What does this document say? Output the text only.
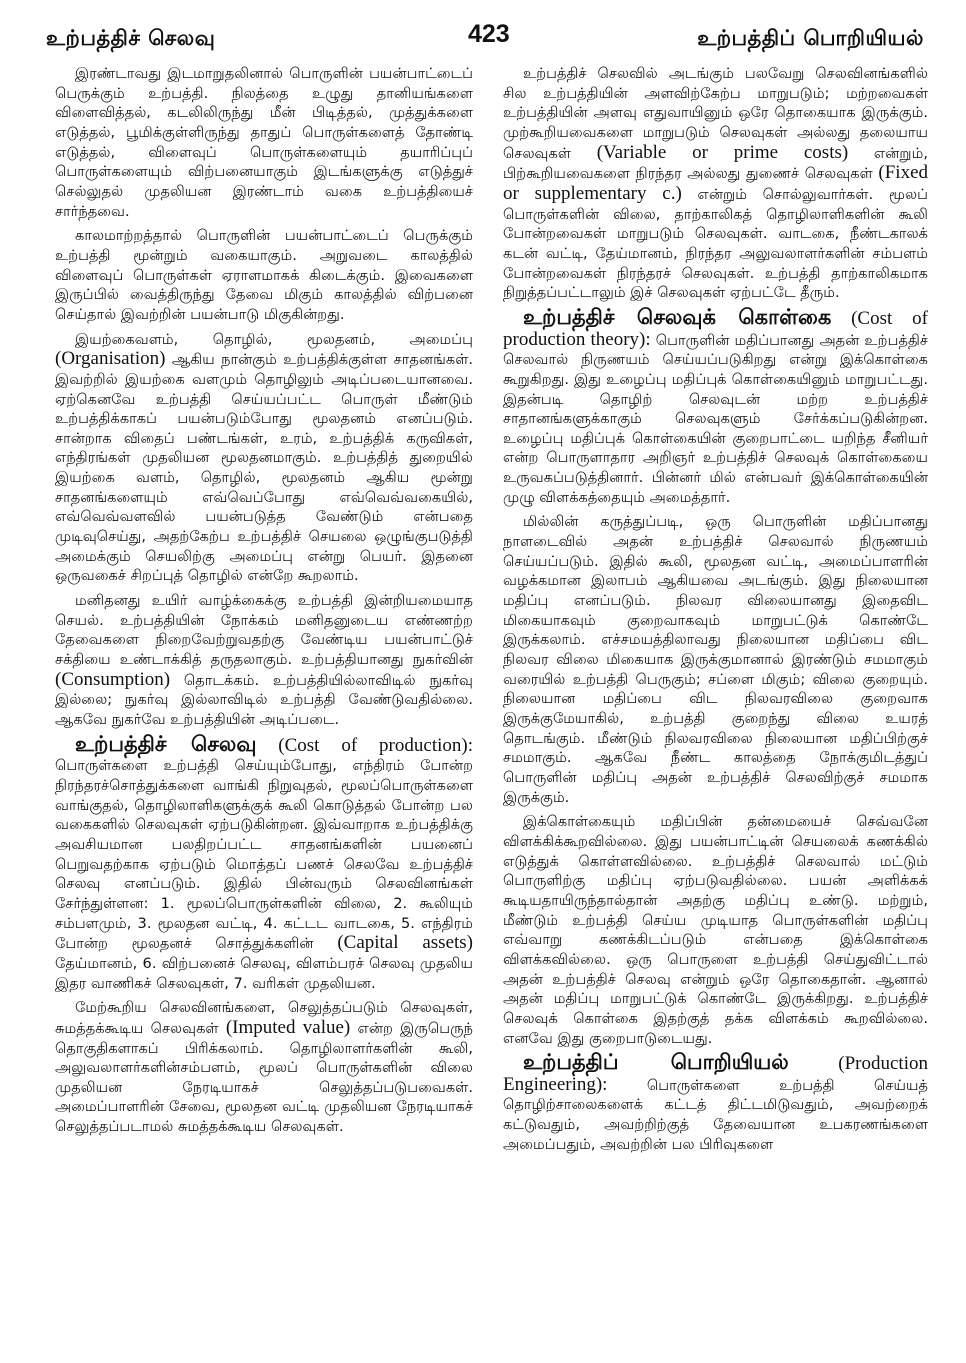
உற்பத்திச் செலவு	423	உற்பத்திப் பொறியியல்

இரண்டாவது இடமாறுதலினால் பொருளின் பயன்பாட்டைப் பெருக்கும் உற்பத்தி. நிலத்தை உழுது தானியங்களை விளைவித்தல், கடலிலிருந்து மீன் பிடித்தல், முத்துக்களை எடுத்தல், பூமிக்குள்ளிருந்து தாதுப் பொருள்களைத் தோண்டி எடுத்தல், விளைவுப் பொருள்களையும் தயாரிப்புப் பொருள்களையும் விற்பனையாகும் இடங்களுக்கு எடுத்துச் செல்லுதல் முதலியன இரண்டாம் வகை உற்பத்தியைச் சார்ந்தவை.

காலமாற்றத்தால் பொருளின் பயன்பாட்டைப் பெருக்கும் உற்பத்தி மூன்றும் வகையாகும். அறுவடை காலத்தில் விளைவுப் பொருள்கள் ஏராளமாகக் கிடைக்கும். இவைகளை இருப்பில் வைத்திருந்து தேவை மிகும் காலத்தில் விற்பனை செய்தால் இவற்றின் பயன்பாடு மிகுகின்றது.

இயற்கைவளம், தொழில், மூலதனம், அமைப்பு (Organisation) ஆகிய நான்கும் உற்பத்திக்குள்ள சாதனங்கள். இவற்றில் இயற்கை வளமும் தொழிலும் அடிப்படையானவை. ஏற்கெனவே உற்பத்தி செய்யப்பட்ட பொருள் மீண்டும் உற்பத்திக்காகப் பயன்படும்போது மூலதனம் எனப்படும். சான்றாக விதைப் பண்டங்கள், உரம், உற்பத்திக் கருவிகள், எந்திரங்கள் முதலியன மூலதனமாகும். உற்பத்தித் துறையில் இயற்கை வளம், தொழில், மூலதனம் ஆகிய மூன்று சாதனங்களையும் எவ்வெப்போது எவ்வெவ்வகையில், எவ்வெவ்வளவில் பயன்படுத்த வேண்டும் என்பதை முடிவுசெய்து, அதற்கேற்ப உற்பத்திச் செயலை ஒழுங்குபடுத்தி அமைக்கும் செயலிற்கு அமைப்பு என்று பெயர். இதனை ஒருவகைச் சிறப்புத் தொழில் என்றே கூறலாம்.

மனிதனது உயிர் வாழ்க்கைக்கு உற்பத்தி இன்றியமையாத செயல். உற்பத்தியின் நோக்கம் மனிதனுடைய எண்ணற்ற தேவைகளை நிறைவேற்றுவதற்கு வேண்டிய பயன்பாட்டுச் சக்தியை உண்டாக்கித் தருதலாகும். உற்பத்தியானது நுகர்வின் (Consumption) தொடக்கம். உற்பத்தியில்லாவிடில் நுகர்வு இல்லை; நுகர்வு இல்லாவிடில் உற்பத்தி வேண்டுவதில்லை. ஆகவே நுகர்வே உற்பத்தியின் அடிப்படை.

உற்பத்திச் செலவு (Cost of production): பொருள்களை உற்பத்தி செய்யும்போது, எந்திரம் போன்ற நிரந்தரச்சொத்துக்களை வாங்கி நிறுவுதல், மூலப்பொருள்களை வாங்குதல், தொழிலாளிகளுக்குக் கூலி கொடுத்தல் போன்ற பல வகைகளில் செலவுகள் ஏற்படுகின்றன. இவ்வாறாக உற்பத்திக்கு அவசியமான பலதிறப்பட்ட சாதனங்களின் பயனைப் பெறுவதற்காக ஏற்படும் மொத்தப் பணச் செலவே உற்பத்திச் செலவு எனப்படும். இதில் பின்வரும் செலவினங்கள் சேர்ந்துள்ளன: 1. மூலப்பொருள்களின் விலை, 2. கூலியும் சம்பளமும், 3. மூலதன வட்டி, 4. கட்டட வாடகை, 5. எந்திரம் போன்ற மூலதனச் சொத்துக்களின் (Capital assets) தேய்மானம், 6. விற்பனைச் செலவு, விளம்பரச் செலவு முதலிய இதர வாணிகச் செலவுகள், 7. வரிகள் முதலியன.

மேற்கூறிய செலவினங்களை, செலுத்தப்படும் செலவுகள், சுமத்தக்கூடிய செலவுகள் (Imputed value) என்ற இருபெருந் தொகுதிகளாகப் பிரிக்கலாம். தொழிலாளர்களின் கூலி, அலுவலாளர்களின்சம்பளம், மூலப் பொருள்களின் விலை முதலியன நேரடியாகச் செலுத்தப்படுபவைகள். அமைப்பாளரின் சேவை, மூலதன வட்டி முதலியன நேரடியாகச் செலுத்தப்படாமல் சுமத்தக்கூடிய செலவுகள்.

உற்பத்திச் செலவில் அடங்கும் பலவேறு செலவினங்களில் சில உற்பத்தியின் அளவிற்கேற்ப மாறுபடும்; மற்றவைகள் உற்பத்தியின் அளவு எதுவாயினும் ஒரே தொகையாக இருக்கும். முற்கூறியவைகளை மாறுபடும் செலவுகள் அல்லது தலையாய செலவுகள் (Variable or prime costs) என்றும், பிற்கூறியவைகளை நிரந்தர அல்லது துணைச் செலவுகள் (Fixed or supplementary c.) என்றும் சொல்லுவார்கள். மூலப் பொருள்களின் விலை, தாற்காலிகத் தொழிலாளிகளின் கூலி போன்றவைகள் மாறுபடும் செலவுகள். வாடகை, நீண்டகாலக் கடன் வட்டி, தேய்மானம், நிரந்தர அலுவலாளர்களின் சம்பளம் போன்றவைகள் நிரந்தரச் செலவுகள். உற்பத்தி தாற்காலிகமாக நிறுத்தப்பட்டாலும் இச் செலவுகள் ஏற்பட்டே தீரும்.

உற்பத்திச் செலவுக் கொள்கை (Cost of production theory): பொருளின் மதிப்பானது அதன் உற்பத்திச் செலவால் நிருணயம் செய்யப்படுகிறது என்று இக்கொள்கை கூறுகிறது. இது உழைப்பு மதிப்புக் கொள்கையினும் மாறுபட்டது. இதன்படி தொழிற் செலவுடன் மற்ற உற்பத்திச் சாதானங்களுக்காகும் செலவுகளும் சேர்க்கப்படுகின்றன. உழைப்பு மதிப்புக் கொள்கையின் குறைபாட்டை யறிந்த சீனியர் என்ற பொருளாதார அறிஞர் உற்பத்திச் செலவுக் கொள்கையை உருவகப்படுத்தினார். பின்னர் மில் என்பவர் இக்கொள்கையின் முழு விளக்கத்தையும் அமைத்தார்.

மில்லின் கருத்துப்படி, ஒரு பொருளின் மதிப்பானது நாளடைவில் அதன் உற்பத்திச் செலவால் நிருணயம் செய்யப்படும். இதில் கூலி, மூலதன வட்டி, அமைப்பாளரின் வழக்கமான இலாபம் ஆகியவை அடங்கும். இது நிலையான மதிப்பு எனப்படும். நிலவர விலையானது இதைவிட மிகையாகவும் குறைவாகவும் மாறுபட்டுக் கொண்டே இருக்கலாம். எச்சமயத்திலாவது நிலையான மதிப்பை விட நிலவர விலை மிகையாக இருக்குமானால் இரண்டும் சமமாகும் வரையில் உற்பத்தி பெருகும்; சப்ளை மிகும்; விலை குறையும். நிலையான மதிப்பை விட நிலவரவிலை குறைவாக இருக்குமேயாகில், உற்பத்தி குறைந்து விலை உயரத் தொடங்கும். மீண்டும் நிலவரவிலை நிலையான மதிப்பிற்குச் சமமாகும். ஆகவே நீண்ட காலத்தை நோக்குமிடத்துப் பொருளின் மதிப்பு அதன் உற்பத்திச் செலவிற்குச் சமமாக இருக்கும்.

இக்கொள்கையும் மதிப்பின் தன்மையைச் செவ்வனே விளக்கிக்கூறவில்லை. இது பயன்பாட்டின் செயலைக் கணக்கில் எடுத்துக் கொள்ளவில்லை. உற்பத்திச் செலவால் மட்டும் பொருளிற்கு மதிப்பு ஏற்படுவதில்லை. பயன் அளிக்கக் கூடியதாயிருந்தால்தான் அதற்கு மதிப்பு உண்டு. மற்றும், மீண்டும் உற்பத்தி செய்ய முடியாத பொருள்களின் மதிப்பு எவ்வாறு கணக்கிடப்படும் என்பதை இக்கொள்கை விளக்கவில்லை. ஒரு பொருளை உற்பத்தி செய்துவிட்டால் அதன் உற்பத்திச் செலவு என்றும் ஒரே தொகைதான். ஆனால் அதன் மதிப்பு மாறுபட்டுக் கொண்டே இருக்கிறது. உற்பத்திச் செலவுக் கொள்கை இதற்குத் தக்க விளக்கம் கூறவில்லை. எனவே இது குறைபாடுடையது.

உற்பத்திப் பொறியியல்	(Production Engineering):	பொருள்களை உற்பத்தி செய்யத் தொழிற்சாலைகளைக் கட்டத் திட்டமிடுவதும், அவற்றைக் கட்டுவதும், அவற்றிற்குத் தேவையான உபகரணங்களை அமைப்பதும், அவற்றின் பல பிரிவுகளை
